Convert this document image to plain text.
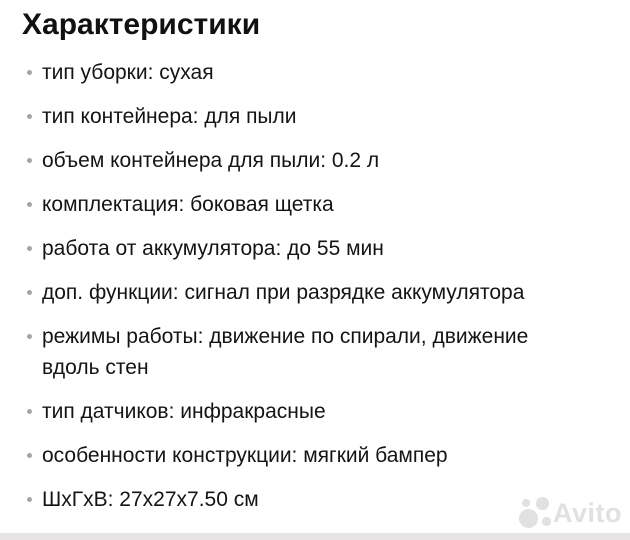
Характеристики
тип уборки: сухая
тип контейнера: для пыли
объем контейнера для пыли: 0.2 л
комплектация: боковая щетка
работа от аккумулятора: до 55 мин
доп. функции: сигнал при разрядке аккумулятора
режимы работы: движение по спирали, движение
вдоль стен
тип датчиков: инфракрасные
особенности конструкции: мягкий бампер
ШхГхВ: 27х27х7.50 см	Avito
